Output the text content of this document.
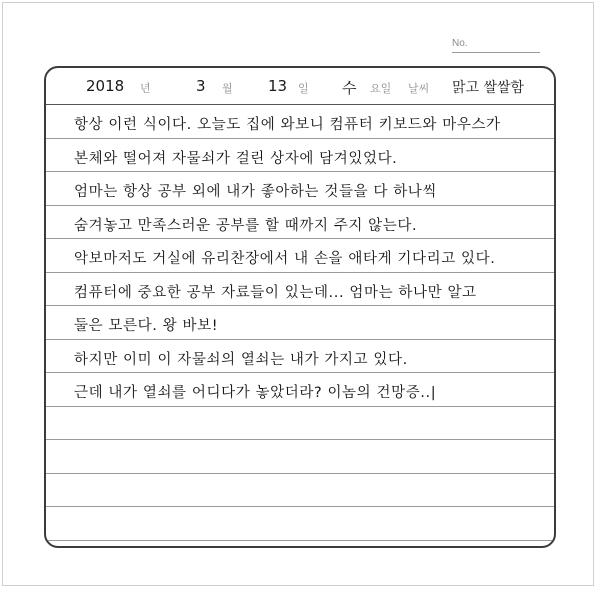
No.
2018 년	3 월 13 일 수 요일 날씨 맑고 쌀쌀함
항상 이런 식이다. 오늘도 집에 와보니 컴퓨터 키보드와 마우스가
본체와 떨어져 자물쇠가 걸린 상자에 담겨있었다.
엄마는 항상 공부 외에 내가 좋아하는 것들을 다 하나씩
숨겨놓고 만족스러운 공부를 할 때까지 주지 않는다.
악보마저도 거실에 유리찬장에서 내 손을 애타게 기다리고 있다.
컴퓨터에 중요한 공부 자료들이 있는데... 엄마는 하나만 알고
둘은 모른다. 왕 바보!
하지만 이미 이 자물쇠의 열쇠는 내가 가지고 있다.
근데 내가 열쇠를 어디다가 놓았더라? 이놈의 건망증..|
